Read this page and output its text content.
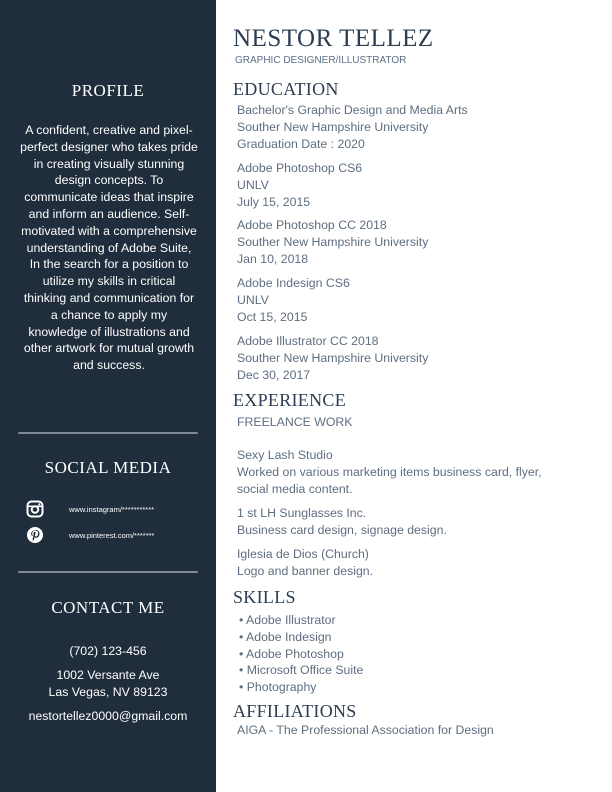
PROFILE
A confident, creative and pixel-perfect designer who takes pride in creating visually stunning design concepts. To communicate ideas that inspire and inform an audience. Self-motivated with a comprehensive understanding of Adobe Suite, In the search for a position to utilize my skills in critical thinking and communication for a chance to apply my knowledge of illustrations and other artwork for mutual growth and success.
SOCIAL MEDIA
www.instagram/***********
www.pinterest.com/*******
CONTACT ME
(702) 123-456
1002 Versante Ave
Las Vegas, NV 89123
nestortellez0000@gmail.com
NESTOR TELLEZ
GRAPHIC DESIGNER/ILLUSTRATOR
EDUCATION
Bachelor's Graphic Design and Media Arts
Souther New Hampshire University
Graduation Date : 2020
Adobe Photoshop CS6
UNLV
July 15, 2015
Adobe Photoshop CC 2018
Souther New Hampshire University
Jan 10, 2018
Adobe Indesign CS6
UNLV
Oct 15, 2015
Adobe Illustrator CC 2018
Souther New Hampshire University
Dec 30, 2017
EXPERIENCE
FREELANCE WORK
Sexy Lash Studio
Worked on various marketing items business card, flyer,
social media content.
1 st LH Sunglasses Inc.
Business card design, signage design.
Iglesia de Dios (Church)
Logo and banner design.
SKILLS
• Adobe Illustrator
• Adobe Indesign
• Adobe Photoshop
• Microsoft Office Suite
• Photography
AFFILIATIONS
AIGA - The Professional Association for Design
